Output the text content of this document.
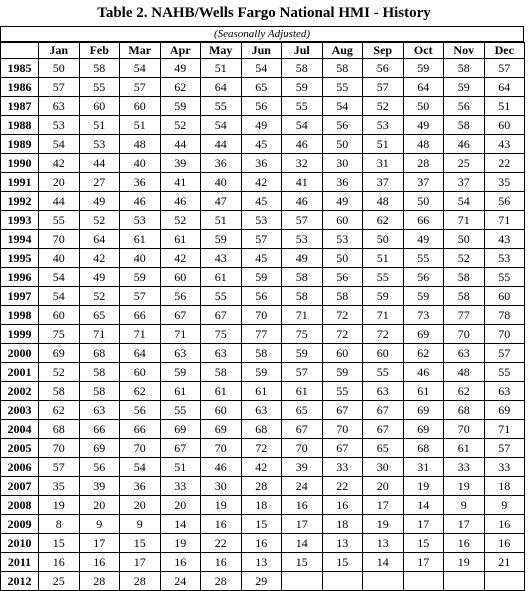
Table 2. NAHB/Wells Fargo National HMI - History
(Seasonally Adjusted)
	Jan	Feb	Mar	Apr	May	Jun	Jul	Aug	Sep	Oct	Nov	Dec
1985	50	58	54	49	51	54	58	58	56	59	58	57
1986	57	55	57	62	64	65	59	55	57	64	59	64
1987	63	60	60	59	55	56	55	54	52	50	56	51
1988	53	51	51	52	54	49	54	56	53	49	58	60
1989	54	53	48	44	44	45	46	50	51	48	46	43
1990	42	44	40	39	36	36	32	30	31	28	25	22
1991	20	27	36	41	40	42	41	36	37	37	37	35
1992	44	49	46	46	47	45	46	49	48	50	54	56
1993	55	52	53	52	51	53	57	60	62	66	71	71
1994	70	64	61	61	59	57	53	53	50	49	50	43
1995	40	42	40	42	43	45	49	50	51	55	52	53
1996	54	49	59	60	61	59	58	56	55	56	58	55
1997	54	52	57	56	55	56	58	58	59	59	58	60
1998	60	65	66	67	67	70	71	72	71	73	77	78
1999	75	71	71	71	75	77	75	72	72	69	70	70
2000	69	68	64	63	63	58	59	60	60	62	63	57
2001	52	58	60	59	58	59	57	59	55	46	48	55
2002	58	58	62	61	61	61	61	55	63	61	62	63
2003	62	63	56	55	60	63	65	67	67	69	68	69
2004	68	66	66	69	69	68	67	70	67	69	70	71
2005	70	69	70	67	70	72	70	67	65	68	61	57
2006	57	56	54	51	46	42	39	33	30	31	33	33
2007	35	39	36	33	30	28	24	22	20	19	19	18
2008	19	20	20	20	19	18	16	16	17	14	9	9
2009	8	9	9	14	16	15	17	18	19	17	17	16
2010	15	17	15	19	22	16	14	13	13	15	16	16
2011	16	16	17	16	16	13	15	15	14	17	19	21
2012	25	28	28	24	28	29						
